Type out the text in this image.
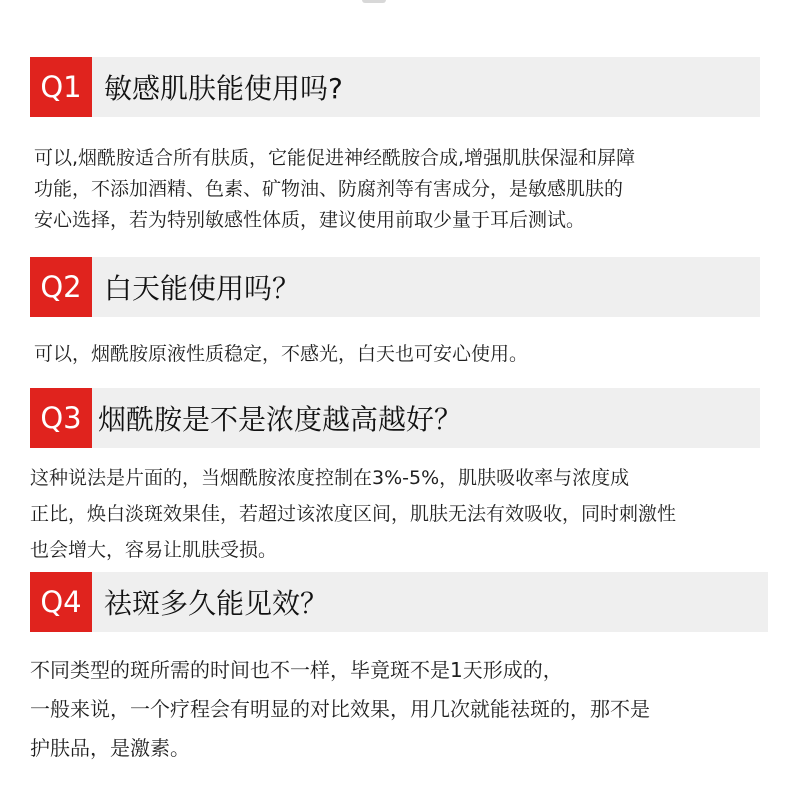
Q1 敏感肌肤能使用吗?
可以,烟酰胺适合所有肤质，它能促进神经酰胺合成,增强肌肤保湿和屏障
功能，不添加酒精、色素、矿物油、防腐剂等有害成分，是敏感肌肤的
安心选择，若为特别敏感性体质，建议使用前取少量于耳后测试。
Q2 白天能使用吗？
可以，烟酰胺原液性质稳定，不感光，白天也可安心使用。
Q3 烟酰胺是不是浓度越高越好？
这种说法是片面的，当烟酰胺浓度控制在3%-5%，肌肤吸收率与浓度成
正比，焕白淡斑效果佳，若超过该浓度区间，肌肤无法有效吸收，同时刺激性
也会增大，容易让肌肤受损。
Q4 祛斑多久能见效？
不同类型的斑所需的时间也不一样，毕竟斑不是1天形成的，
一般来说，一个疗程会有明显的对比效果，用几次就能祛斑的，那不是
护肤品，是激素。
